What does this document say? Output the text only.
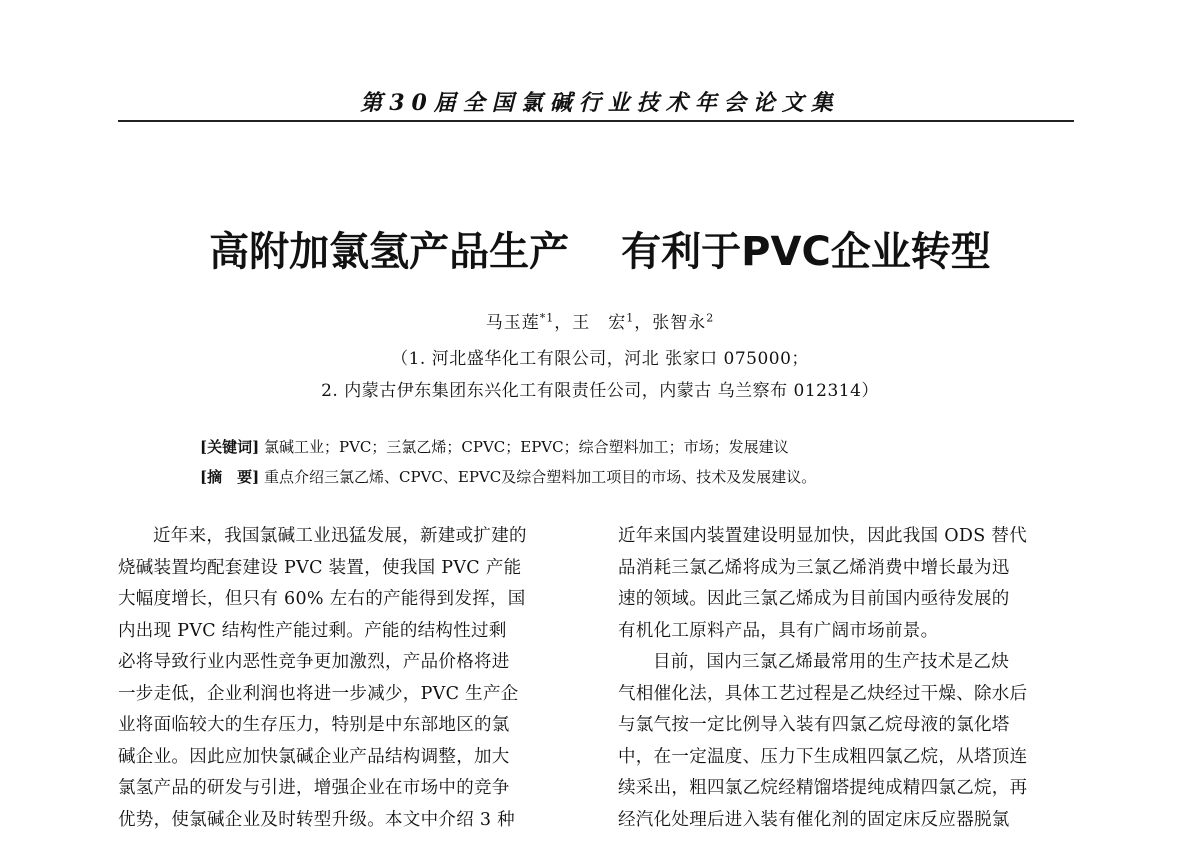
第30届全国氯碱行业技术年会论文集
高附加氯氢产品生产 有利于PVC企业转型
马玉莲$^{*1}$，王　宏$^1$，张智永$^2$
（1. 河北盛华化工有限公司，河北 张家口 075000；
2. 内蒙古伊东集团东兴化工有限责任公司，内蒙古 乌兰察布 012314）
[关键词] 氯碱工业；PVC；三氯乙烯；CPVC；EPVC；综合塑料加工；市场；发展建议
[摘　要] 重点介绍三氯乙烯、CPVC、EPVC及综合塑料加工项目的市场、技术及发展建议。

近年来，我国氯碱工业迅猛发展，新建或扩建的

烧碱装置均配套建设 PVC 装置，使我国 PVC 产能

大幅度增长，但只有 60% 左右的产能得到发挥，国

内出现 PVC 结构性产能过剩。产能的结构性过剩

必将导致行业内恶性竞争更加激烈，产品价格将进

一步走低，企业利润也将进一步减少，PVC 生产企

业将面临较大的生存压力，特别是中东部地区的氯

碱企业。因此应加快氯碱企业产品结构调整，加大

氯氢产品的研发与引进，增强企业在市场中的竞争

优势，使氯碱企业及时转型升级。本文中介绍 3 种

近年来国内装置建设明显加快，因此我国 ODS 替代

品消耗三氯乙烯将成为三氯乙烯消费中增长最为迅

速的领域。因此三氯乙烯成为目前国内亟待发展的

有机化工原料产品，具有广阔市场前景。

目前，国内三氯乙烯最常用的生产技术是乙炔

气相催化法，具体工艺过程是乙炔经过干燥、除水后

与氯气按一定比例导入装有四氯乙烷母液的氯化塔

中，在一定温度、压力下生成粗四氯乙烷，从塔顶连

续采出，粗四氯乙烷经精馏塔提纯成精四氯乙烷，再

经汽化处理后进入装有催化剂的固定床反应器脱氯
